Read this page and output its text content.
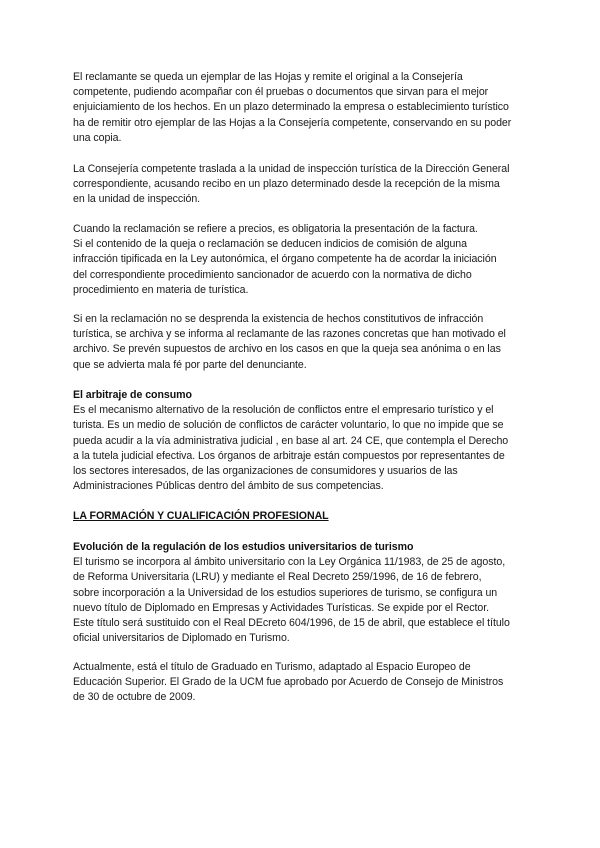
El reclamante se queda un ejemplar de las Hojas y remite el original a la Consejería
competente, pudiendo acompañar con él pruebas o documentos que sirvan para el mejor
enjuiciamiento de los hechos. En un plazo determinado la empresa o establecimiento turístico
ha de remitir otro ejemplar de las Hojas a la Consejería competente, conservando en su poder
una copia.
La Consejería competente traslada a la unidad de inspección turística de la Dirección General
correspondiente, acusando recibo en un plazo determinado desde la recepción de la misma
en la unidad de inspección.
Cuando la reclamación se refiere a precios, es obligatoria la presentación de la factura.
Si el contenido de la queja o reclamación se deducen indicios de comisión de alguna
infracción tipificada en la Ley autonómica, el órgano competente ha de acordar la iniciación
del correspondiente procedimiento sancionador de acuerdo con la normativa de dicho
procedimiento en materia de turística.
Si en la reclamación no se desprenda la existencia de hechos constitutivos de infracción
turística, se archiva y se informa al reclamante de las razones concretas que han motivado el
archivo. Se prevén supuestos de archivo en los casos en que la queja sea anónima o en las
que se advierta mala fé por parte del denunciante.
El arbitraje de consumo
Es el mecanismo alternativo de la resolución de conflictos entre el empresario turístico y el
turista. Es un medio de solución de conflictos de carácter voluntario, lo que no impide que se
pueda acudir a la vía administrativa judicial , en base al art. 24 CE, que contempla el Derecho
a la tutela judicial efectiva. Los órganos de arbitraje están compuestos por representantes de
los sectores interesados, de las organizaciones de consumidores y usuarios de las
Administraciones Públicas dentro del ámbito de sus competencias.
LA FORMACIÓN Y CUALIFICACIÓN PROFESIONAL
Evolución de la regulación de los estudios universitarios de turismo
El turismo se incorpora al ámbito universitario con la Ley Orgánica 11/1983, de 25 de agosto,
de Reforma Universitaria (LRU) y mediante el Real Decreto 259/1996, de 16 de febrero,
sobre incorporación a la Universidad de los estudios superiores de turismo, se configura un
nuevo título de Diplomado en Empresas y Actividades Turísticas. Se expide por el Rector.
Este título será sustituido con el Real DEcreto 604/1996, de 15 de abril, que establece el título
oficial universitarios de Diplomado en Turismo.
Actualmente, está el título de Graduado en Turismo, adaptado al Espacio Europeo de
Educación Superior. El Grado de la UCM fue aprobado por Acuerdo de Consejo de Ministros
de 30 de octubre de 2009.
